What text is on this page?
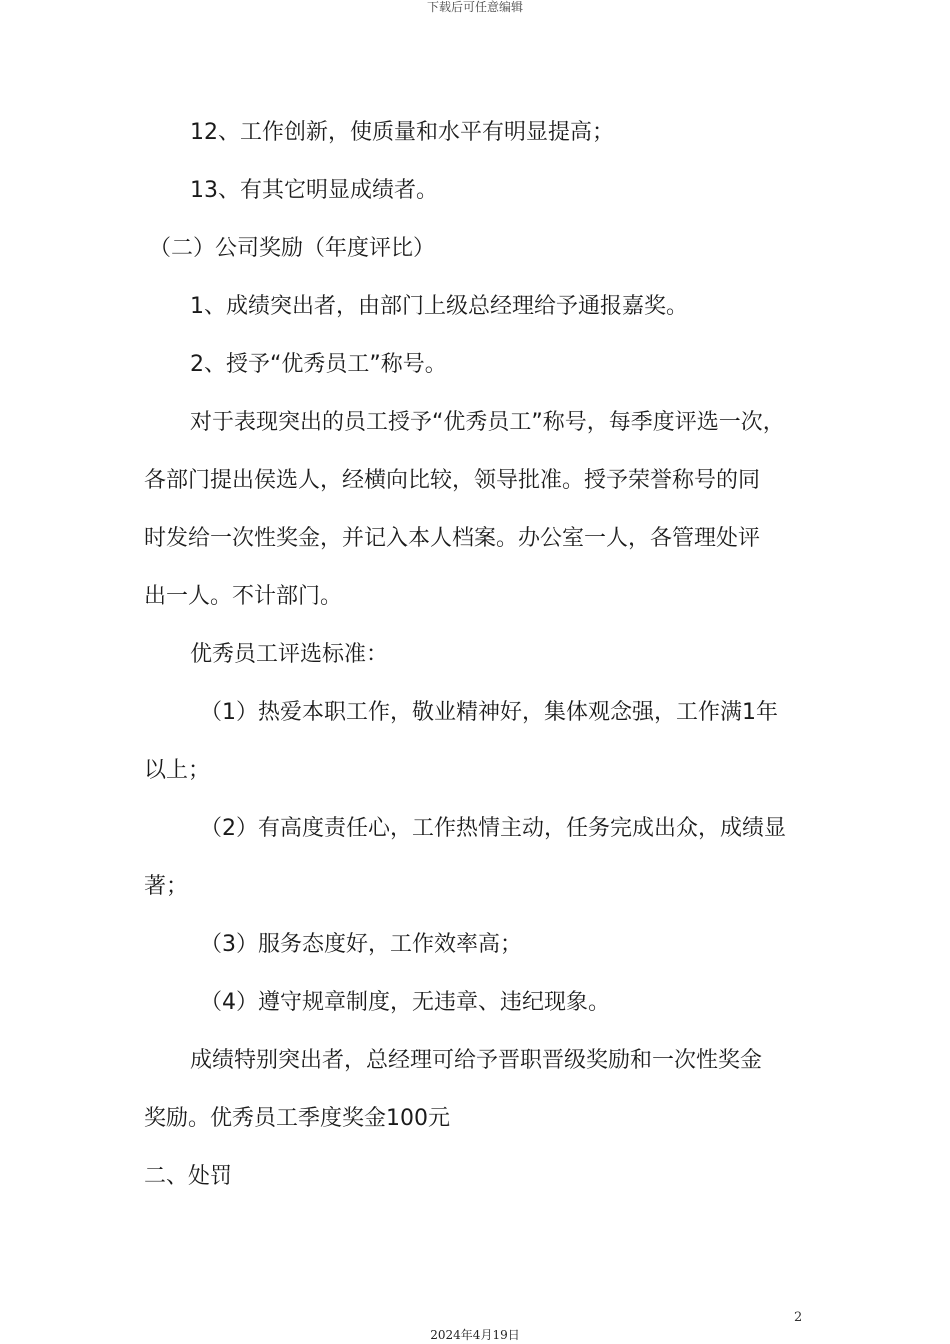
下载后可任意编辑
12、工作创新，使质量和水平有明显提高；
13、有其它明显成绩者。
（二）公司奖励（年度评比）
1、成绩突出者，由部门上级总经理给予通报嘉奖。
2、授予“优秀员工”称号。
对于表现突出的员工授予“优秀员工”称号，每季度评选一次，
各部门提出侯选人，经横向比较，领导批准。授予荣誉称号的同
时发给一次性奖金，并记入本人档案。办公室一人，各管理处评
出一人。不计部门。
优秀员工评选标准：
（1）热爱本职工作，敬业精神好，集体观念强，工作满1年
以上；
（2）有高度责任心，工作热情主动，任务完成出众，成绩显
著；
（3）服务态度好，工作效率高；
（4）遵守规章制度，无违章、违纪现象。
成绩特别突出者，总经理可给予晋职晋级奖励和一次性奖金
奖励。优秀员工季度奖金100元
二、处罚
2
2024年4月19日
